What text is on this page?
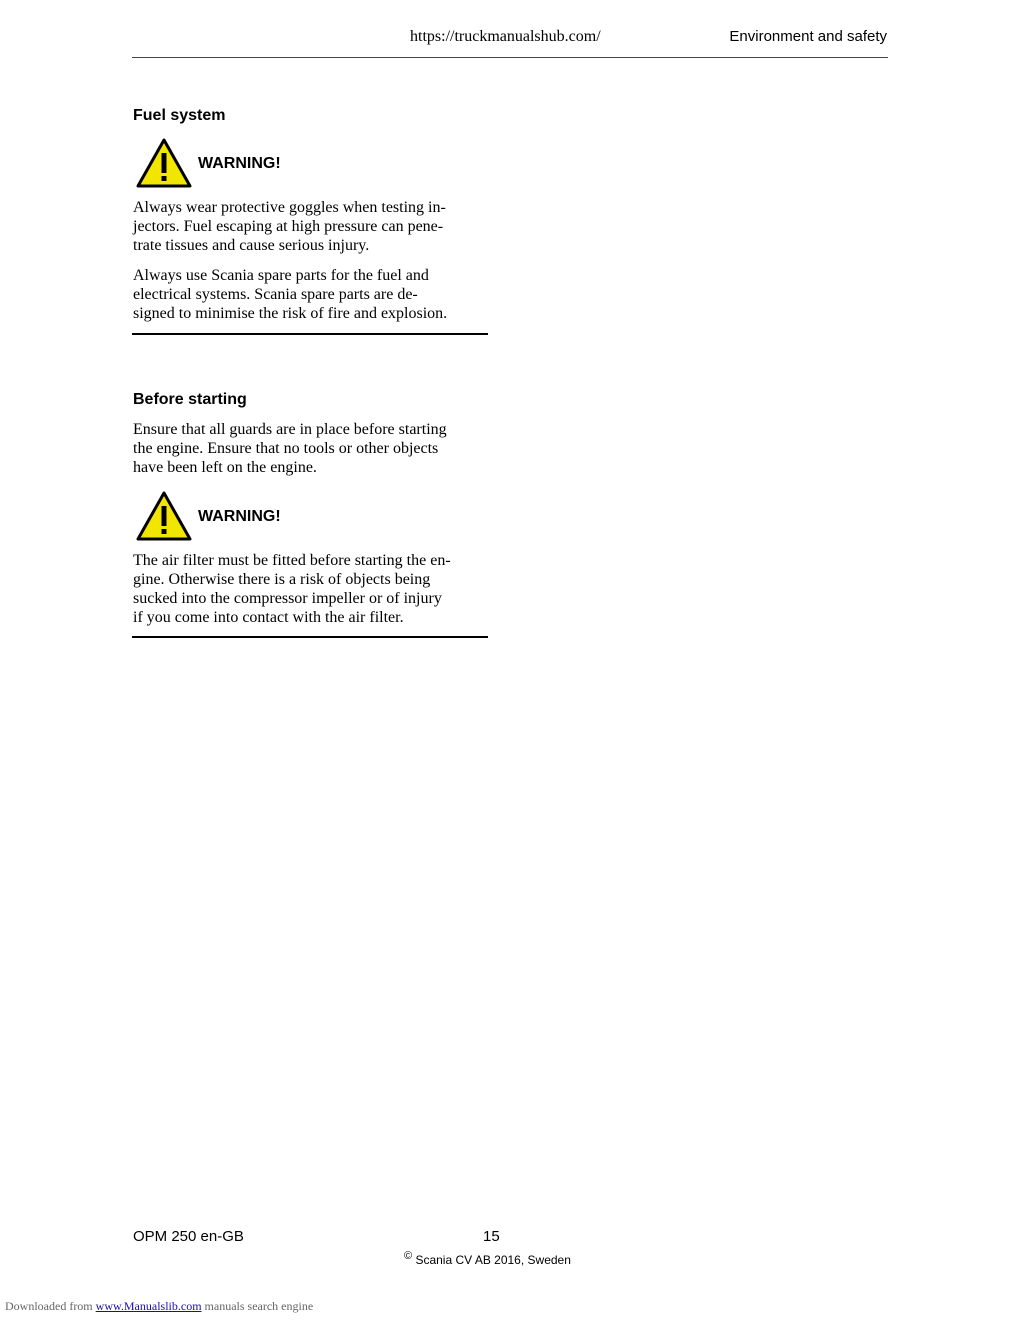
https://truckmanualshub.com/	Environment and safety
Fuel system
WARNING!
Always wear protective goggles when testing in-
jectors. Fuel escaping at high pressure can pene-
trate tissues and cause serious injury.
Always use Scania spare parts for the fuel and
electrical systems. Scania spare parts are de-
signed to minimise the risk of fire and explosion.
Before starting
Ensure that all guards are in place before starting
the engine. Ensure that no tools or other objects
have been left on the engine.
WARNING!
The air filter must be fitted before starting the en-
gine. Otherwise there is a risk of objects being
sucked into the compressor impeller or of injury
if you come into contact with the air filter.
OPM 250 en-GB	15
© Scania CV AB 2016, Sweden
Downloaded from www.Manualslib.com manuals search engine
